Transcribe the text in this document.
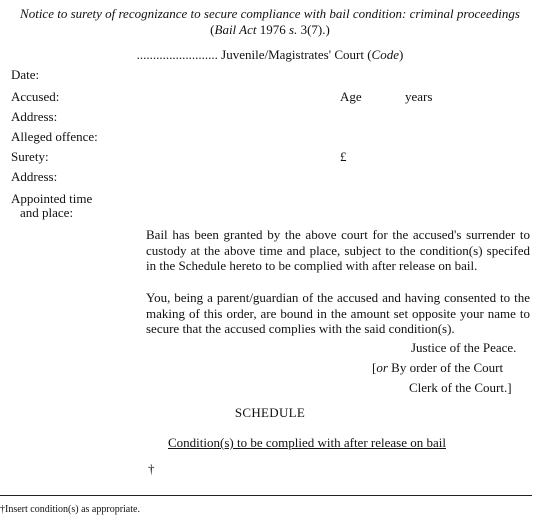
Notice to surety of recognizance to secure compliance with bail condition: criminal proceedings
(Bail Act 1976 s. 3(7).)
......................... Juvenile/Magistrates' Court (Code)
Date:
Accused:	Age	years
Address:
Alleged offence:
Surety:	£
Address:
Appointed time
and place:
Bail has been granted by the above court for the accused's surrender to custody at the above time and place, subject to the condition(s) specifed in the Schedule hereto to be complied with after release on bail.
You, being a parent/guardian of the accused and having consented to the making of this order, are bound in the amount set opposite your name to secure that the accused complies with the said condition(s).
Justice of the Peace.
[or By order of the Court
Clerk of the Court.]
SCHEDULE
Condition(s) to be complied with after release on bail
†
†Insert condition(s) as appropriate.
